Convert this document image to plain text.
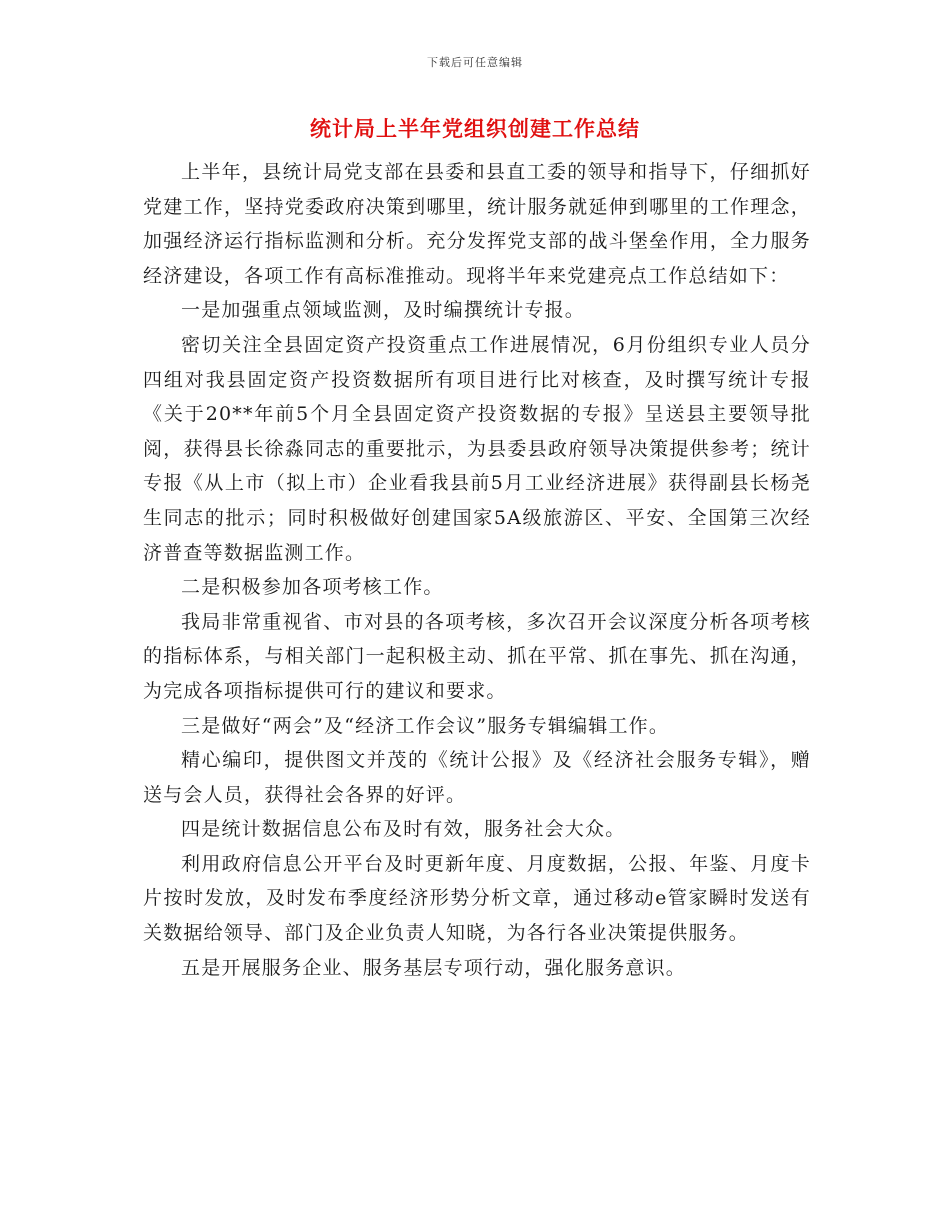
下载后可任意编辑
统计局上半年党组织创建工作总结

上半年，县统计局党支部在县委和县直工委的领导和指导下，仔细抓好党建工作，坚持党委政府决策到哪里，统计服务就延伸到哪里的工作理念，加强经济运行指标监测和分析。充分发挥党支部的战斗堡垒作用，全力服务经济建设，各项工作有高标准推动。现将半年来党建亮点工作总结如下：

一是加强重点领域监测，及时编撰统计专报。

密切关注全县固定资产投资重点工作进展情况，6月份组织专业人员分四组对我县固定资产投资数据所有项目进行比对核查，及时撰写统计专报《关于20**年前5个月全县固定资产投资数据的专报》呈送县主要领导批阅，获得县长徐淼同志的重要批示，为县委县政府领导决策提供参考；统计专报《从上市（拟上市）企业看我县前5月工业经济进展》获得副县长杨尧生同志的批示；同时积极做好创建国家5A级旅游区、平安、全国第三次经济普查等数据监测工作。

二是积极参加各项考核工作。

我局非常重视省、市对县的各项考核，多次召开会议深度分析各项考核的指标体系，与相关部门一起积极主动、抓在平常、抓在事先、抓在沟通，为完成各项指标提供可行的建议和要求。

三是做好“两会”及“经济工作会议”服务专辑编辑工作。

精心编印，提供图文并茂的《统计公报》及《经济社会服务专辑》，赠送与会人员，获得社会各界的好评。

四是统计数据信息公布及时有效，服务社会大众。

利用政府信息公开平台及时更新年度、月度数据，公报、年鉴、月度卡片按时发放，及时发布季度经济形势分析文章，通过移动e管家瞬时发送有关数据给领导、部门及企业负责人知晓，为各行各业决策提供服务。

五是开展服务企业、服务基层专项行动，强化服务意识。
